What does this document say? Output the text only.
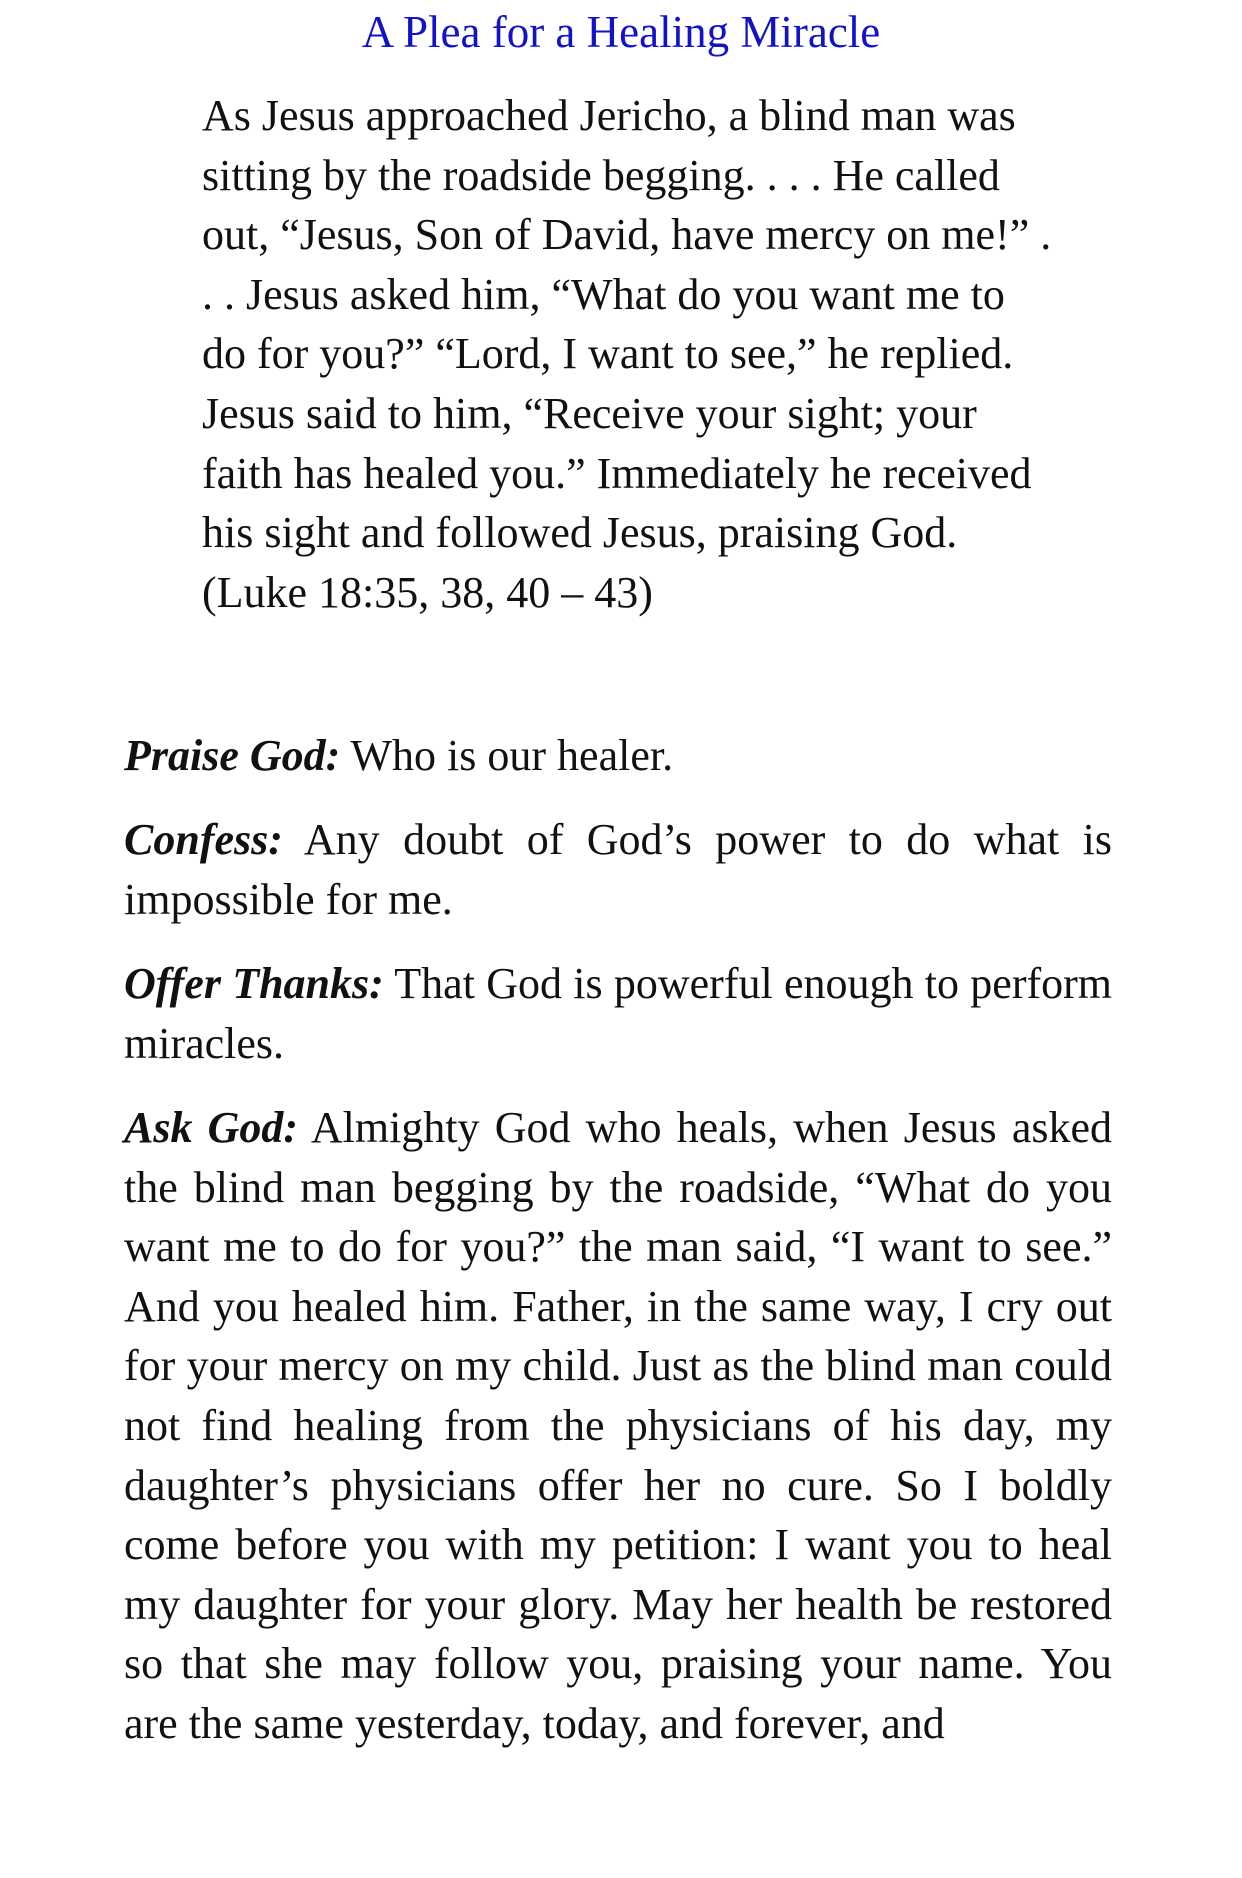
A Plea for a Healing Miracle
As Jesus approached Jericho, a blind man was sitting by the roadside begging. . . . He called out, “Jesus, Son of David, have mercy on me!” . . . Jesus asked him, “What do you want me to do for you?” “Lord, I want to see,” he replied. Jesus said to him, “Receive your sight; your faith has healed you.” Immediately he received his sight and followed Jesus, praising God. (Luke 18:35, 38, 40 – 43)

Praise God: Who is our healer.

Confess: Any doubt of God’s power to do what is impossible for me.

Offer Thanks: That God is powerful enough to perform miracles.

Ask God: Almighty God who heals, when Jesus asked the blind man begging by the roadside, “What do you want me to do for you?” the man said, “I want to see.” And you healed him. Father, in the same way, I cry out for your mercy on my child. Just as the blind man could not find healing from the physicians of his day, my daughter’s physicians offer her no cure. So I boldly come before you with my petition: I want you to heal my daughter for your glory. May her health be restored so that she may follow you, praising your name. You are the same yesterday, today, and forever, and
